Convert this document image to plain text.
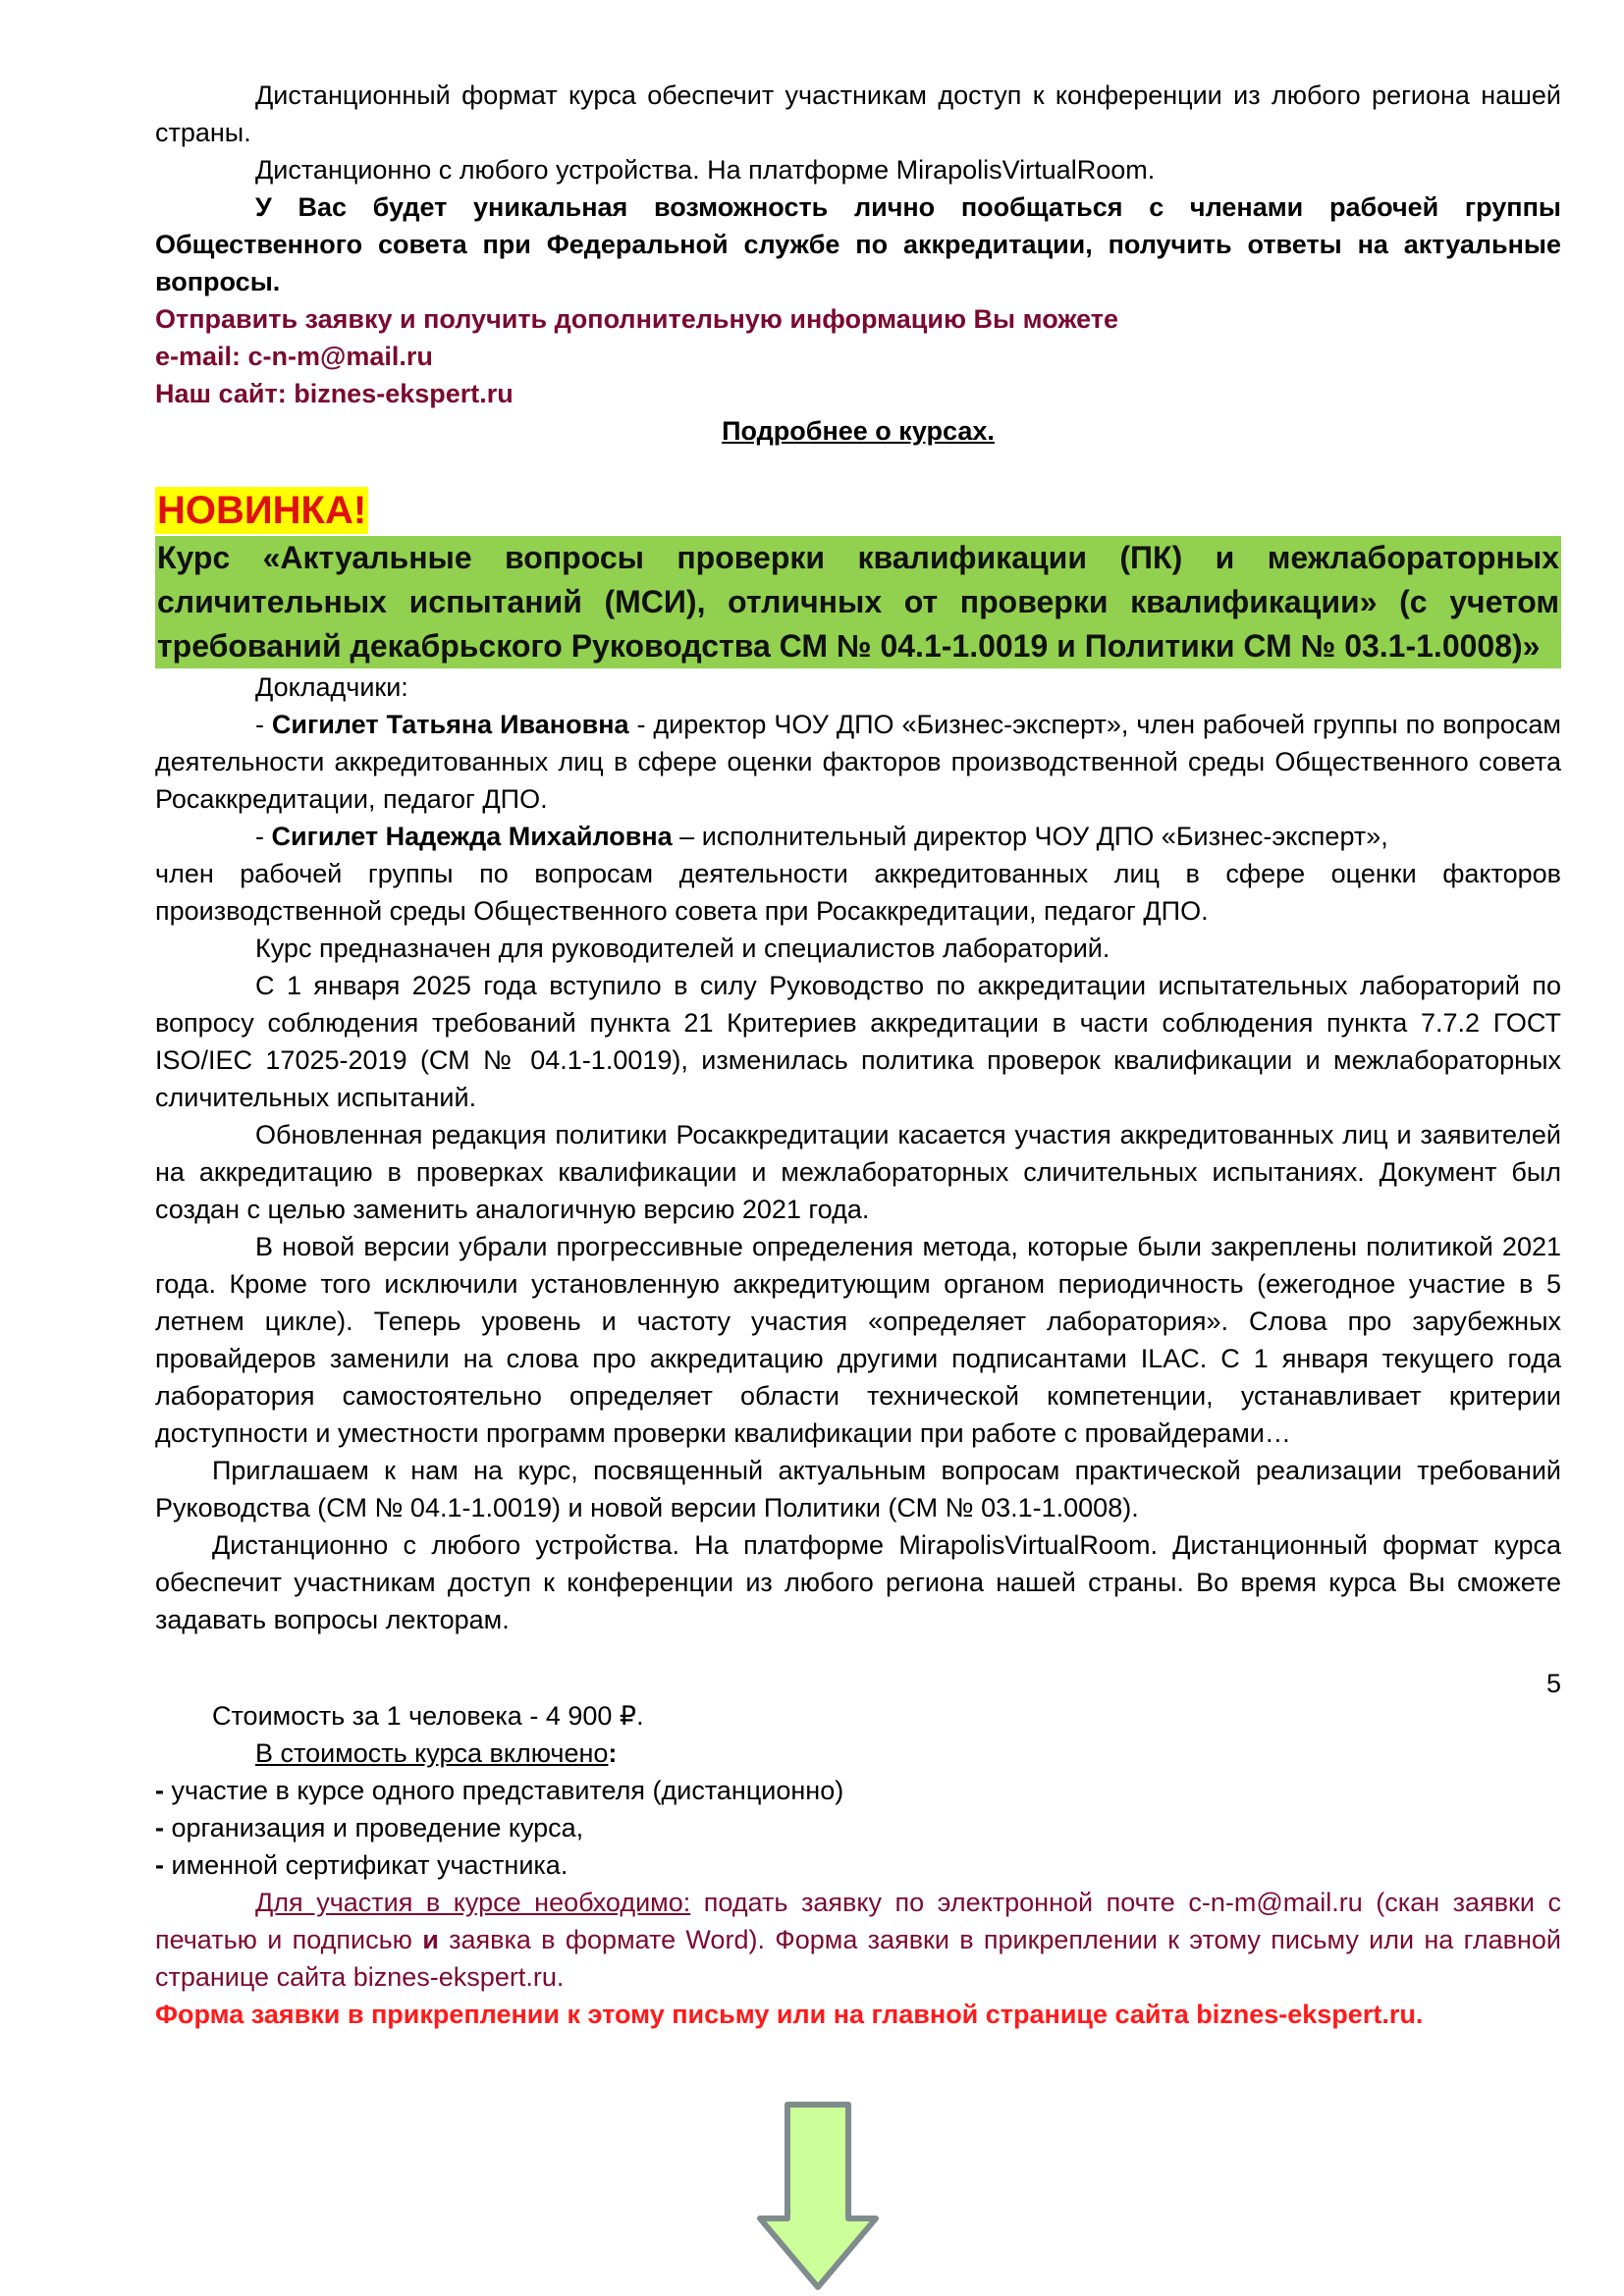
Дистанционный формат курса обеспечит участникам доступ к конференции из любого региона нашей страны.

Дистанционно с любого устройства. На платформе MirapolisVirtualRoom.

У Вас будет уникальная возможность лично пообщаться с членами рабочей группы Общественного совета при Федеральной службе по аккредитации, получить ответы на актуальные вопросы.

Отправить заявку и получить дополнительную информацию Вы можете

e-mail: c-n-m@mail.ru

Наш сайт: biznes-ekspert.ru

Подробнее о курсах.

НОВИНКА!

Курс «Актуальные вопросы проверки квалификации (ПК) и межлабораторных сличительных испытаний (МСИ), отличных от проверки квалификации» (с учетом требований декабрьского Руководства СМ № 04.1-1.0019 и Политики СМ № 03.1-1.0008)»

Докладчики:

- Сигилет Татьяна Ивановна - директор ЧОУ ДПО «Бизнес-эксперт», член рабочей группы по вопросам деятельности аккредитованных лиц в сфере оценки факторов производственной среды Общественного совета Росаккредитации, педагог ДПО.

- Сигилет Надежда Михайловна – исполнительный директор ЧОУ ДПО «Бизнес-эксперт»,

член рабочей группы по вопросам деятельности аккредитованных лиц в сфере оценки факторов производственной среды Общественного совета при Росаккредитации, педагог ДПО.

Курс предназначен для руководителей и специалистов лабораторий.

С 1 января 2025 года вступило в силу Руководство по аккредитации испытательных лабораторий по вопросу соблюдения требований пункта 21 Критериев аккредитации в части соблюдения пункта 7.7.2 ГОСТ ISO/IEC 17025-2019 (СМ № 04.1-1.0019), изменилась политика проверок квалификации и межлабораторных сличительных испытаний.

Обновленная редакция политики Росаккредитации касается участия аккредитованных лиц и заявителей на аккредитацию в проверках квалификации и межлабораторных сличительных испытаниях. Документ был создан с целью заменить аналогичную версию 2021 года.

В новой версии убрали прогрессивные определения метода, которые были закреплены политикой 2021 года. Кроме того исключили установленную аккредитующим органом периодичность (ежегодное участие в 5 летнем цикле). Теперь уровень и частоту участия «определяет лаборатория». Слова про зарубежных провайдеров заменили на слова про аккредитацию другими подписантами ILAC. С 1 января текущего года лаборатория самостоятельно определяет области технической компетенции, устанавливает критерии доступности и уместности программ проверки квалификации при работе с провайдерами…

Приглашаем к нам на курс, посвященный актуальным вопросам практической реализации требований Руководства (СМ № 04.1-1.0019) и новой версии Политики (СМ № 03.1-1.0008).

Дистанционно с любого устройства. На платформе MirapolisVirtualRoom. Дистанционный формат курса обеспечит участникам доступ к конференции из любого региона нашей страны. Во время курса Вы сможете задавать вопросы лекторам.

Стоимость за 1 человека - 4 900 ₽.

В стоимость курса включено:

- участие в курсе одного представителя (дистанционно)

- организация и проведение курса,

- именной сертификат участника.

Для участия в курсе необходимо: подать заявку по электронной почте c-n-m@mail.ru (скан заявки с печатью и подписью и заявка в формате Word). Форма заявки в прикреплении к этому письму или на главной странице сайта biznes-ekspert.ru.

Форма заявки в прикреплении к этому письму или на главной странице сайта biznes-ekspert.ru.

5
